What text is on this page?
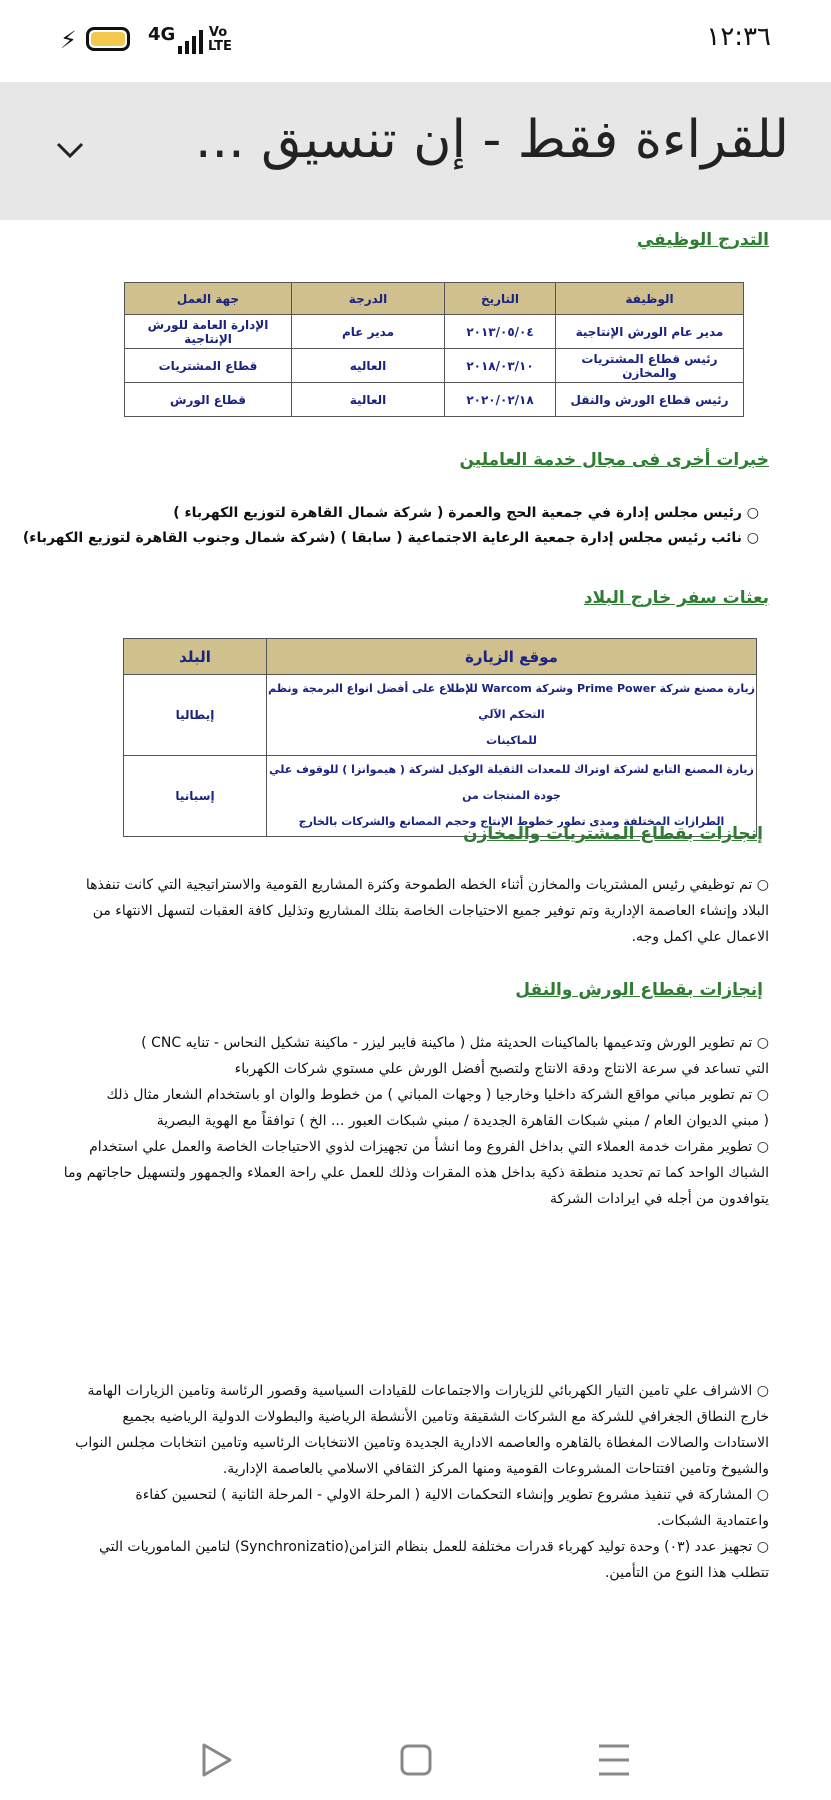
١٢:٣٦
⚡	4G	Vo LTE
للقراءة فقط - إن تنسيق ...
التدرج الوظيفي
الوظيفة	التاريخ	الدرجة	جهة العمل
مدير عام الورش الإنتاجية	٢٠١٣/٠٥/٠٤	مدير عام	الإدارة العامة للورش الإنتاجية
رئيس قطاع المشتريات والمخازن	٢٠١٨/٠٣/١٠	العاليه	قطاع المشتريات
رئيس قطاع الورش والنقل	٢٠٢٠/٠٢/١٨	العالية	قطاع الورش
خبرات أخرى فى مجال خدمة العاملين
○ رئيس مجلس إدارة في جمعية الحج والعمرة ( شركة شمال القاهرة لتوزيع الكهرباء )
○ نائب رئيس مجلس إدارة جمعية الرعاية الاجتماعية ( سابقا ) (شركة شمال وجنوب القاهرة لتوزيع الكهرباء)
بعثات سفر خارج البلاد
موقع الزيارة	البلد

زيارة مصنع شركة Prime Power وشركة Warcom للإطلاع على أفضل انواع البرمجة ونظم التحكم الآلي
للماكينات	إيطاليا

زيارة المصنع التابع لشركة اوتراك للمعدات الثقيلة الوكيل لشركة ( هيموانزا ) للوقوف علي جودة المنتجات من
الطرازات المختلفة ومدى تطور خطوط الإنتاج وحجم المصانع والشركات بالخارج	إسبانيا
إنجازات بقطاع المشتريات والمخازن
○ تم توظيفي رئيس المشتريات والمخازن أثناء الخطه الطموحة وكثرة المشاريع القومية والاستراتيجية التي كانت تنفذها
البلاد وإنشاء العاصمة الإدارية وتم توفير جميع الاحتياجات الخاصة بتلك المشاريع وتذليل كافة العقبات لتسهل الانتهاء من
الاعمال علي اكمل وجه.
إنجازات بقطاع الورش والنقل
○ تم تطوير الورش وتدعيمها بالماكينات الحديثة مثل ( ماكينة فايبر ليزر - ماكينة تشكيل النحاس - تنايه CNC )
التي تساعد في سرعة الانتاج ودقة الانتاج ولتصبح أفضل الورش علي مستوي شركات الكهرباء
○ تم تطوير مباني مواقع الشركة داخليا وخارجيا ( وجهات المباني ) من خطوط والوان او باستخدام الشعار مثال ذلك
( مبني الديوان العام / مبني شبكات القاهرة الجديدة / مبني شبكات العبور ... الخ ) توافقاً مع الهوية البصرية
○ تطوير مقرات خدمة العملاء التي بداخل الفروع وما انشأ من تجهيزات لذوي الاحتياجات الخاصة والعمل علي استخدام
الشباك الواحد كما تم تحديد منطقة ذكية بداخل هذه المقرات وذلك للعمل علي راحة العملاء والجمهور ولتسهيل حاجاتهم وما
يتوافدون من أجله في ايرادات الشركة
○ الاشراف علي تامين التيار الكهربائي للزيارات والاجتماعات للقيادات السياسية وقصور الرئاسة وتامين الزيارات الهامة
خارج النطاق الجغرافي للشركة مع الشركات الشقيقة وتامين الأنشطة الرياضية والبطولات الدولية الرياضيه بجميع
الاستادات والصالات المغطاة بالقاهره والعاصمه الادارية الجديدة وتامين الانتخابات الرئاسيه وتامين انتخابات مجلس النواب
والشيوخ وتامين افتتاحات المشروعات القومية ومنها المركز الثقافي الاسلامي بالعاصمة الإدارية.
○ المشاركة في تنفيذ مشروع تطوير وإنشاء التحكمات الالية ( المرحلة الاولي - المرحلة الثانية ) لتحسين كفاءة
واعتمادية الشبكات.
○ تجهيز عدد (٠٣) وحدة توليد كهرباء قدرات مختلفة للعمل بنظام التزامن(Synchronizatio) لتامين الماموريات التي
تتطلب هذا النوع من التأمين.
